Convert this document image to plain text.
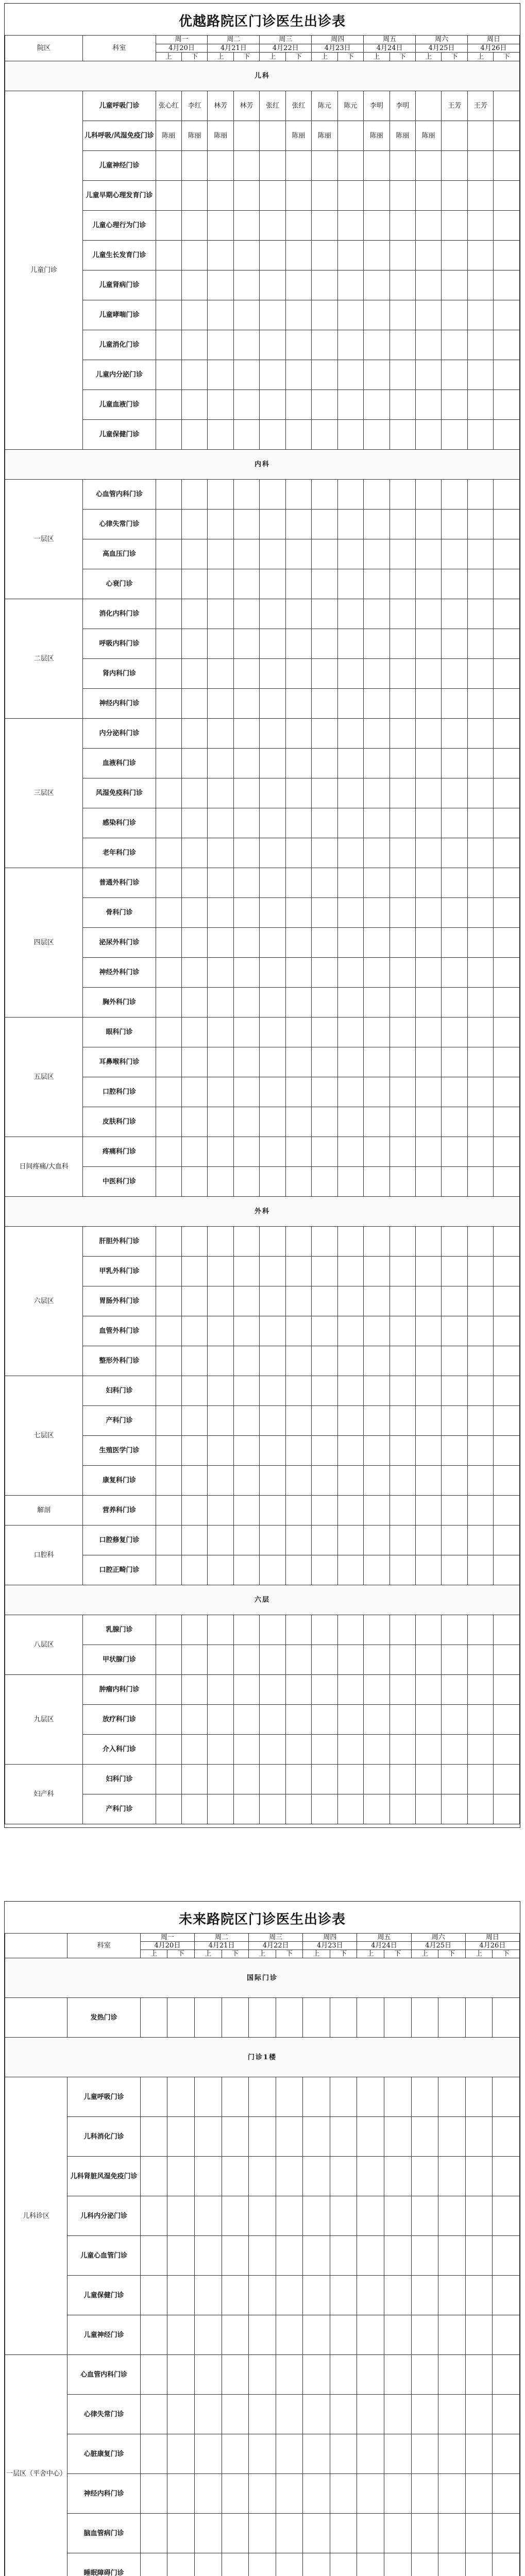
优越路院区门诊医生出诊表
院区	科室	周一		周二		周三		周四		周五		周六		周日	
		4月20日		4月21日		4月22日		4月23日		4月24日		4月25日		4月26日	
		上	下	上	下	上	下	上	下	上	下	上	下	上	下
儿科															
儿童门诊	儿童呼吸门诊	张心红	李红	林芳	林芳	张红	张红	陈元	陈元	李明	李明		王芳	王芳	
	儿科呼吸/风湿免疫门诊	陈丽	陈丽	陈丽			陈丽	陈丽		陈丽	陈丽	陈丽			
	儿童神经门诊														
	儿童早期心理发育门诊														
	儿童心理行为门诊														
	儿童生长发育门诊														
	儿童肾病门诊														
	儿童哮喘门诊														
	儿童消化门诊														
	儿童内分泌门诊														
	儿童血液门诊														
	儿童保健门诊														
内科															
一层区	心血管内科门诊														
	心律失常门诊														
	高血压门诊														
	心衰门诊														
二层区	消化内科门诊														
	呼吸内科门诊														
	肾内科门诊														
	神经内科门诊														
三层区	内分泌科门诊														
	血液科门诊														
	风湿免疫科门诊														
	感染科门诊														
	老年科门诊														
四层区	普通外科门诊														
	骨科门诊														
	泌尿外科门诊														
	神经外科门诊														
	胸外科门诊														
五层区	眼科门诊														
	耳鼻喉科门诊														
	口腔科门诊														
	皮肤科门诊														
日间疼痛/大血科	疼痛科门诊														
	中医科门诊														
外科															
六层区	肝胆外科门诊														
	甲乳外科门诊														
	胃肠外科门诊														
	血管外科门诊														
	整形外科门诊														
七层区	妇科门诊														
	产科门诊														
	生殖医学门诊														
	康复科门诊														
解剖	营养科门诊														
口腔科	口腔修复门诊														
	口腔正畸门诊														
六层															
八层区	乳腺门诊														
	甲状腺门诊														
九层区	肿瘤内科门诊														
	放疗科门诊														
	介入科门诊														
妇产科	妇科门诊														
	产科门诊														
未来路院区门诊医生出诊表
	科室	周一		周二		周三		周四		周五		周六		周日	
		4月20日		4月21日		4月22日		4月23日		4月24日		4月25日		4月26日	
		上	下	上	下	上	下	上	下	上	下	上	下	上	下
国际门诊															
	发热门诊														
门诊1楼															
儿科诊区	儿童呼吸门诊														
	儿科消化门诊														
	儿科肾脏风湿免疫门诊														
	儿科内分泌门诊														
	儿童心血管门诊														
	儿童保健门诊														
	儿童神经门诊														
一层区（平舍中心）	心血管内科门诊														
	心律失常门诊														
	心脏康复门诊														
	神经内科门诊														
	脑血管病门诊														
	睡眠障碍门诊														
